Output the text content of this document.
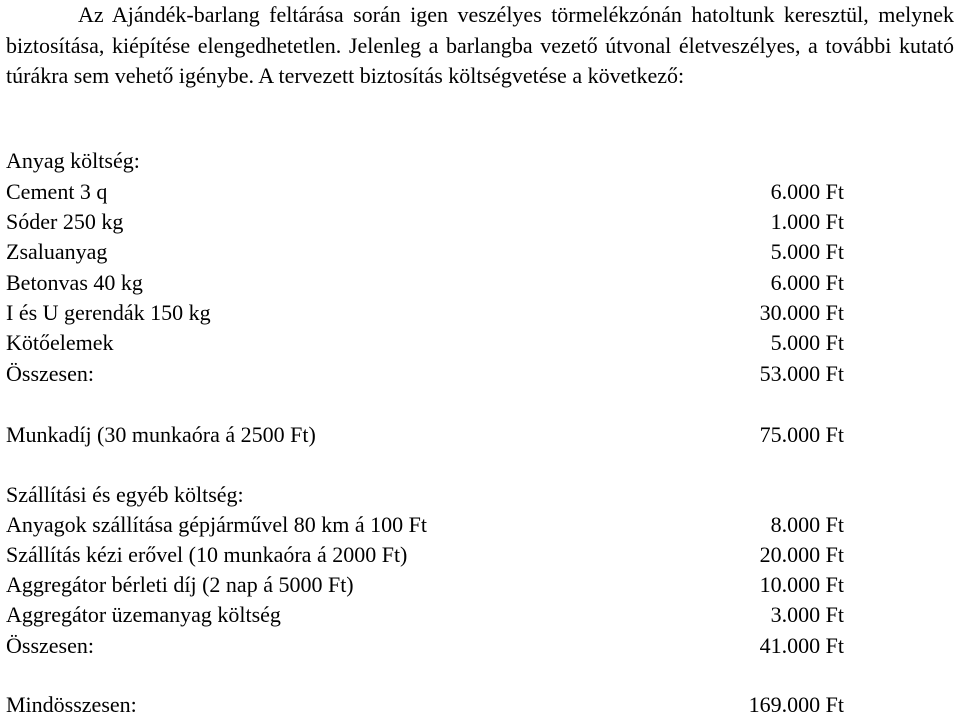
Az Ajándék-barlang feltárása során igen veszélyes törmelékzónán hatoltunk keresztül, melynek biztosítása, kiépítése elengedhetetlen. Jelenleg a barlangba vezető útvonal életveszélyes, a további kutató túrákra sem vehető igénybe. A tervezett biztosítás költségvetése a következő:

Anyag költség:
Cement 3 q	6.000 Ft
Sóder 250 kg	1.000 Ft
Zsaluanyag	5.000 Ft
Betonvas 40 kg	6.000 Ft
I és U gerendák 150 kg	30.000 Ft
Kötőelemek	5.000 Ft
Összesen:	53.000 Ft
Munkadíj (30 munkaóra á 2500 Ft)	75.000 Ft
Szállítási és egyéb költség:
Anyagok szállítása gépjárművel 80 km á 100 Ft	8.000 Ft
Szállítás kézi erővel (10 munkaóra á 2000 Ft)	20.000 Ft
Aggregátor bérleti díj (2 nap á 5000 Ft)	10.000 Ft
Aggregátor üzemanyag költség	3.000 Ft
Összesen:	41.000 Ft
Mindösszesen:	169.000 Ft
